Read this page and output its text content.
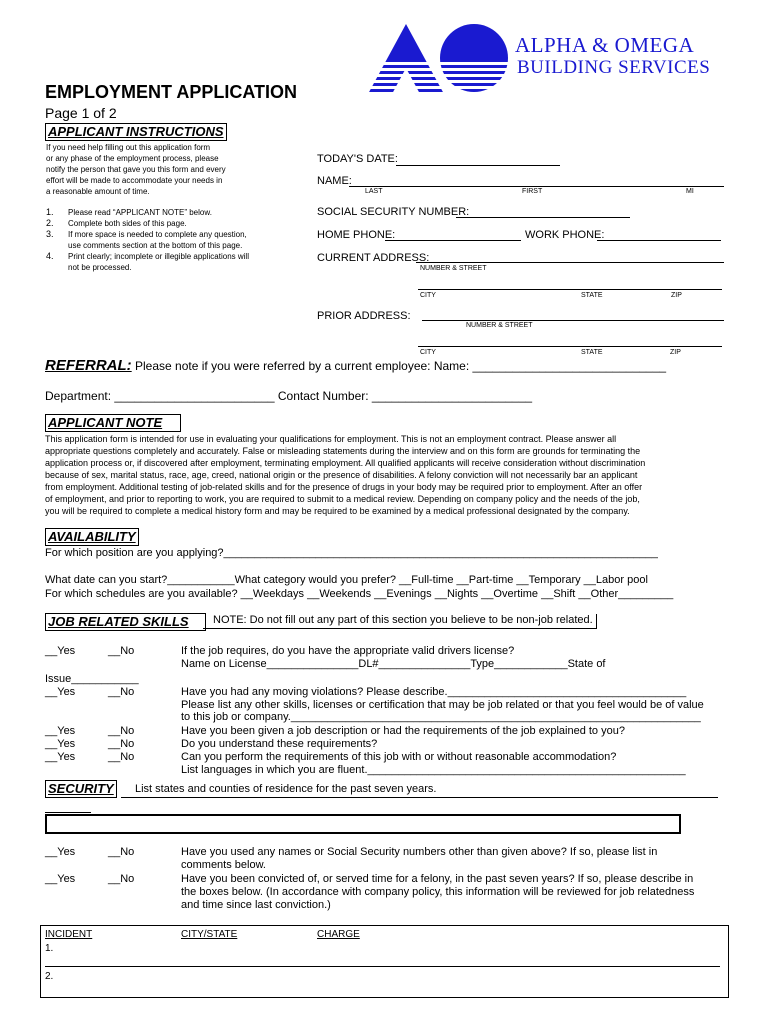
ALPHA & OMEGA
BUILDING SERVICES
EMPLOYMENT APPLICATION
Page 1 of 2
APPLICANT INSTRUCTIONS
If you need help filling out this application form
or any phase of the employment process, please
notify the person that gave you this form and every
effort will be made to accommodate your needs in
a reasonable amount of time.
1. Please read “APPLICANT NOTE” below.
2. Complete both sides of this page.
3. If more space is needed to complete any question,
use comments section at the bottom of this page.
4. Print clearly; incomplete or illegible applications will
not be processed.
TODAY'S DATE:
NAME:
LAST	FIRST	MI
SOCIAL SECURITY NUMBER:
HOME PHONE:	WORK PHONE:
CURRENT ADDRESS:
NUMBER & STREET
CITY	STATE	ZIP
PRIOR ADDRESS:
NUMBER & STREET
CITY	STATE	ZIP
REFERRAL: Please note if you were referred by a current employee: Name: _____________________________
Department: ________________________ Contact Number: ________________________
APPLICANT NOTE
This application form is intended for use in evaluating your qualifications for employment. This is not an employment contract. Please answer all
appropriate questions completely and accurately. False or misleading statements during the interview and on this form are grounds for terminating the
application process or, if discovered after employment, terminating employment. All qualified applicants will receive consideration without discrimination
because of sex, marital status, race, age, creed, national origin or the presence of disabilities. A felony conviction will not necessarily bar an applicant
from employment. Additional testing of job-related skills and for the presence of drugs in your body may be required prior to employment. After an offer
of employment, and prior to reporting to work, you are required to submit to a medical review. Depending on company policy and the needs of the job,
you will be required to complete a medical history form and may be required to be examined by a medical professional designated by the company.
AVAILABILITY
For which position are you applying?_______________________________________________________________________
What date can you start?___________What category would you prefer? __Full-time __Part-time __Temporary __Labor pool
For which schedules are you available? __Weekdays __Weekends __Evenings __Nights __Overtime __Shift __Other_________
JOB RELATED SKILLS	NOTE: Do not fill out any part of this section you believe to be non-job related.
__Yes	__No	If the job requires, do you have the appropriate valid drivers license?
Name on License_______________DL#_______________Type____________State of
Issue___________
__Yes	__No	Have you had any moving violations? Please describe._______________________________________
Please list any other skills, licenses or certification that may be job related or that you feel would be of value
to this job or company.___________________________________________________________________
__Yes	__No	Have you been given a job description or had the requirements of the job explained to you?
__Yes	__No	Do you understand these requirements?
__Yes	__No	Can you perform the requirements of this job with or without reasonable accommodation?
List languages in which you are fluent.____________________________________________________
SECURITY List states and counties of residence for the past seven years.
__Yes	__No	Have you used any names or Social Security numbers other than given above? If so, please list in
comments below.
__Yes	__No	Have you been convicted of, or served time for a felony, in the past seven years? If so, please describe in
the boxes below. (In accordance with company policy, this information will be reviewed for job relatedness
and time since last conviction.)
INCIDENT	CITY/STATE	CHARGE
1.
2.
